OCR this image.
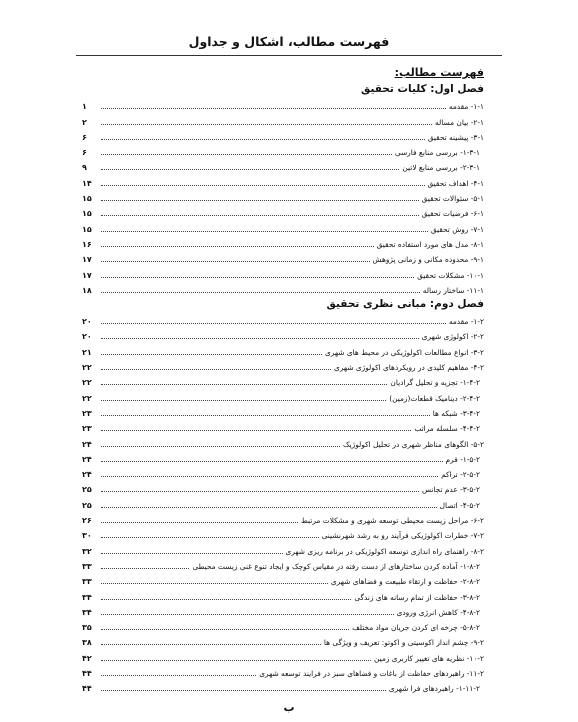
فهرست مطالب، اشکال و جداول
فهرست مطالب:
فصل اول: کلیات تحقیق
۱-۱- مقدمه
۱
۲-۱- بیان مساله
۲
۳-۱- پیشینه تحقیق
۶
۱-۳-۱- بررسی منابع فارسی
۶
۲-۳-۱- بررسی منابع لاتین
۹
۴-۱- اهداف تحقیق
۱۴
۵-۱- سئوالات تحقیق
۱۵
۶-۱- فرضیات تحقیق
۱۵
۷-۱- روش تحقیق
۱۵
۸-۱- مدل های مورد استفاده تحقیق
۱۶
۹-۱- محدوده مکانی و زمانی پژوهش
۱۷
۱۰-۱- مشکلات تحقیق
۱۷
۱۱-۱- ساختار رساله
۱۸
فصل دوم: مبانی نظری تحقیق
۱-۲- مقدمه
۲۰
۲-۲- اکولوژی شهری
۲۰
۳-۲- انواع مطالعات اکولوژیکی در محیط های شهری
۲۱
۴-۲- مفاهیم کلیدی در رویکردهای اکولوژی شهری
۲۲
۱-۴-۲- تجزیه و تحلیل گرادیان
۲۲
۲-۴-۲- دینامیک قطعات(زمین)
۲۲
۳-۴-۲- شبکه ها
۲۳
۴-۴-۲- سلسله مراتب
۲۳
۵-۲- الگوهای مناظر شهری در تحلیل اکولوژیک
۲۴
۱-۵-۲- فرم
۲۴
۲-۵-۲- تراکم
۲۴
۳-۵-۲- عدم تجانس
۲۵
۴-۵-۲- اتصال
۲۵
۶-۲- مراحل زیست محیطی توسعه شهری و مشکلات مرتبط
۲۶
۷-۲- خطرات اکولوژیکی فرآیند رو به رشد شهرنشینی
۳۰
۸-۲- راهنمای راه اندازی توسعه اکولوژیکی در برنامه ریزی شهری
۳۲
۱-۸-۲- آماده کردن ساختارهای از دست رفته در مقیاس کوچک و ایجاد تنوع غنی زیست محیطی
۳۳
۲-۸-۲- حفاظت و ارتقاء طبیعت و فضاهای شهری
۳۳
۳-۸-۲- حفاظت از تمام رسانه های زندگی
۳۴
۴-۸-۲- کاهش انرژی ورودی
۳۴
۵-۸-۲- چرخه ای کردن جریان مواد مختلف
۳۵
۹-۲- چشم انداز اکوسیتی و اکوتو: تعریف و ویژگی ها
۳۸
۱۰-۲- نظریه های تغییر کاربری زمین
۴۲
۱۱-۲- راهبردهای حفاظت از باغات و فضاهای سبز در فرایند توسعه شهری
۴۴
۱-۱۱-۲- راهبردهای فرا شهری
۴۴
ب
